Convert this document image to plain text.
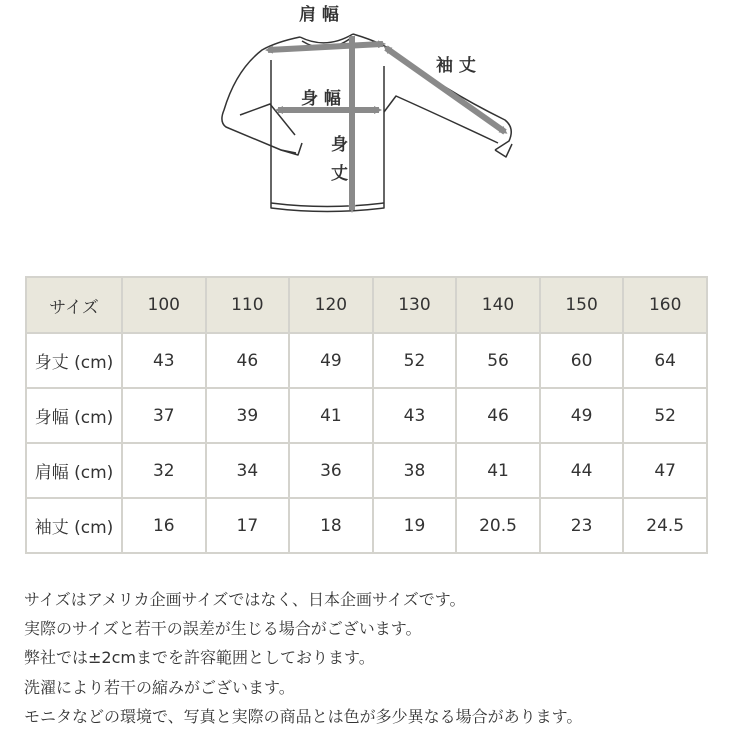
肩 幅
身 幅
身
丈
袖 丈
サイズ	100	110	120	130	140	150	160
身丈 (cm)	43	46	49	52	56	60	64
身幅 (cm)	37	39	41	43	46	49	52
肩幅 (cm)	32	34	36	38	41	44	47
袖丈 (cm)	16	17	18	19	20.5	23	24.5
サイズはアメリカ企画サイズではなく、日本企画サイズです。
実際のサイズと若干の誤差が生じる場合がございます。
弊社では±2cmまでを許容範囲としております。
洗濯により若干の縮みがございます。
モニタなどの環境で、写真と実際の商品とは色が多少異なる場合があります。
